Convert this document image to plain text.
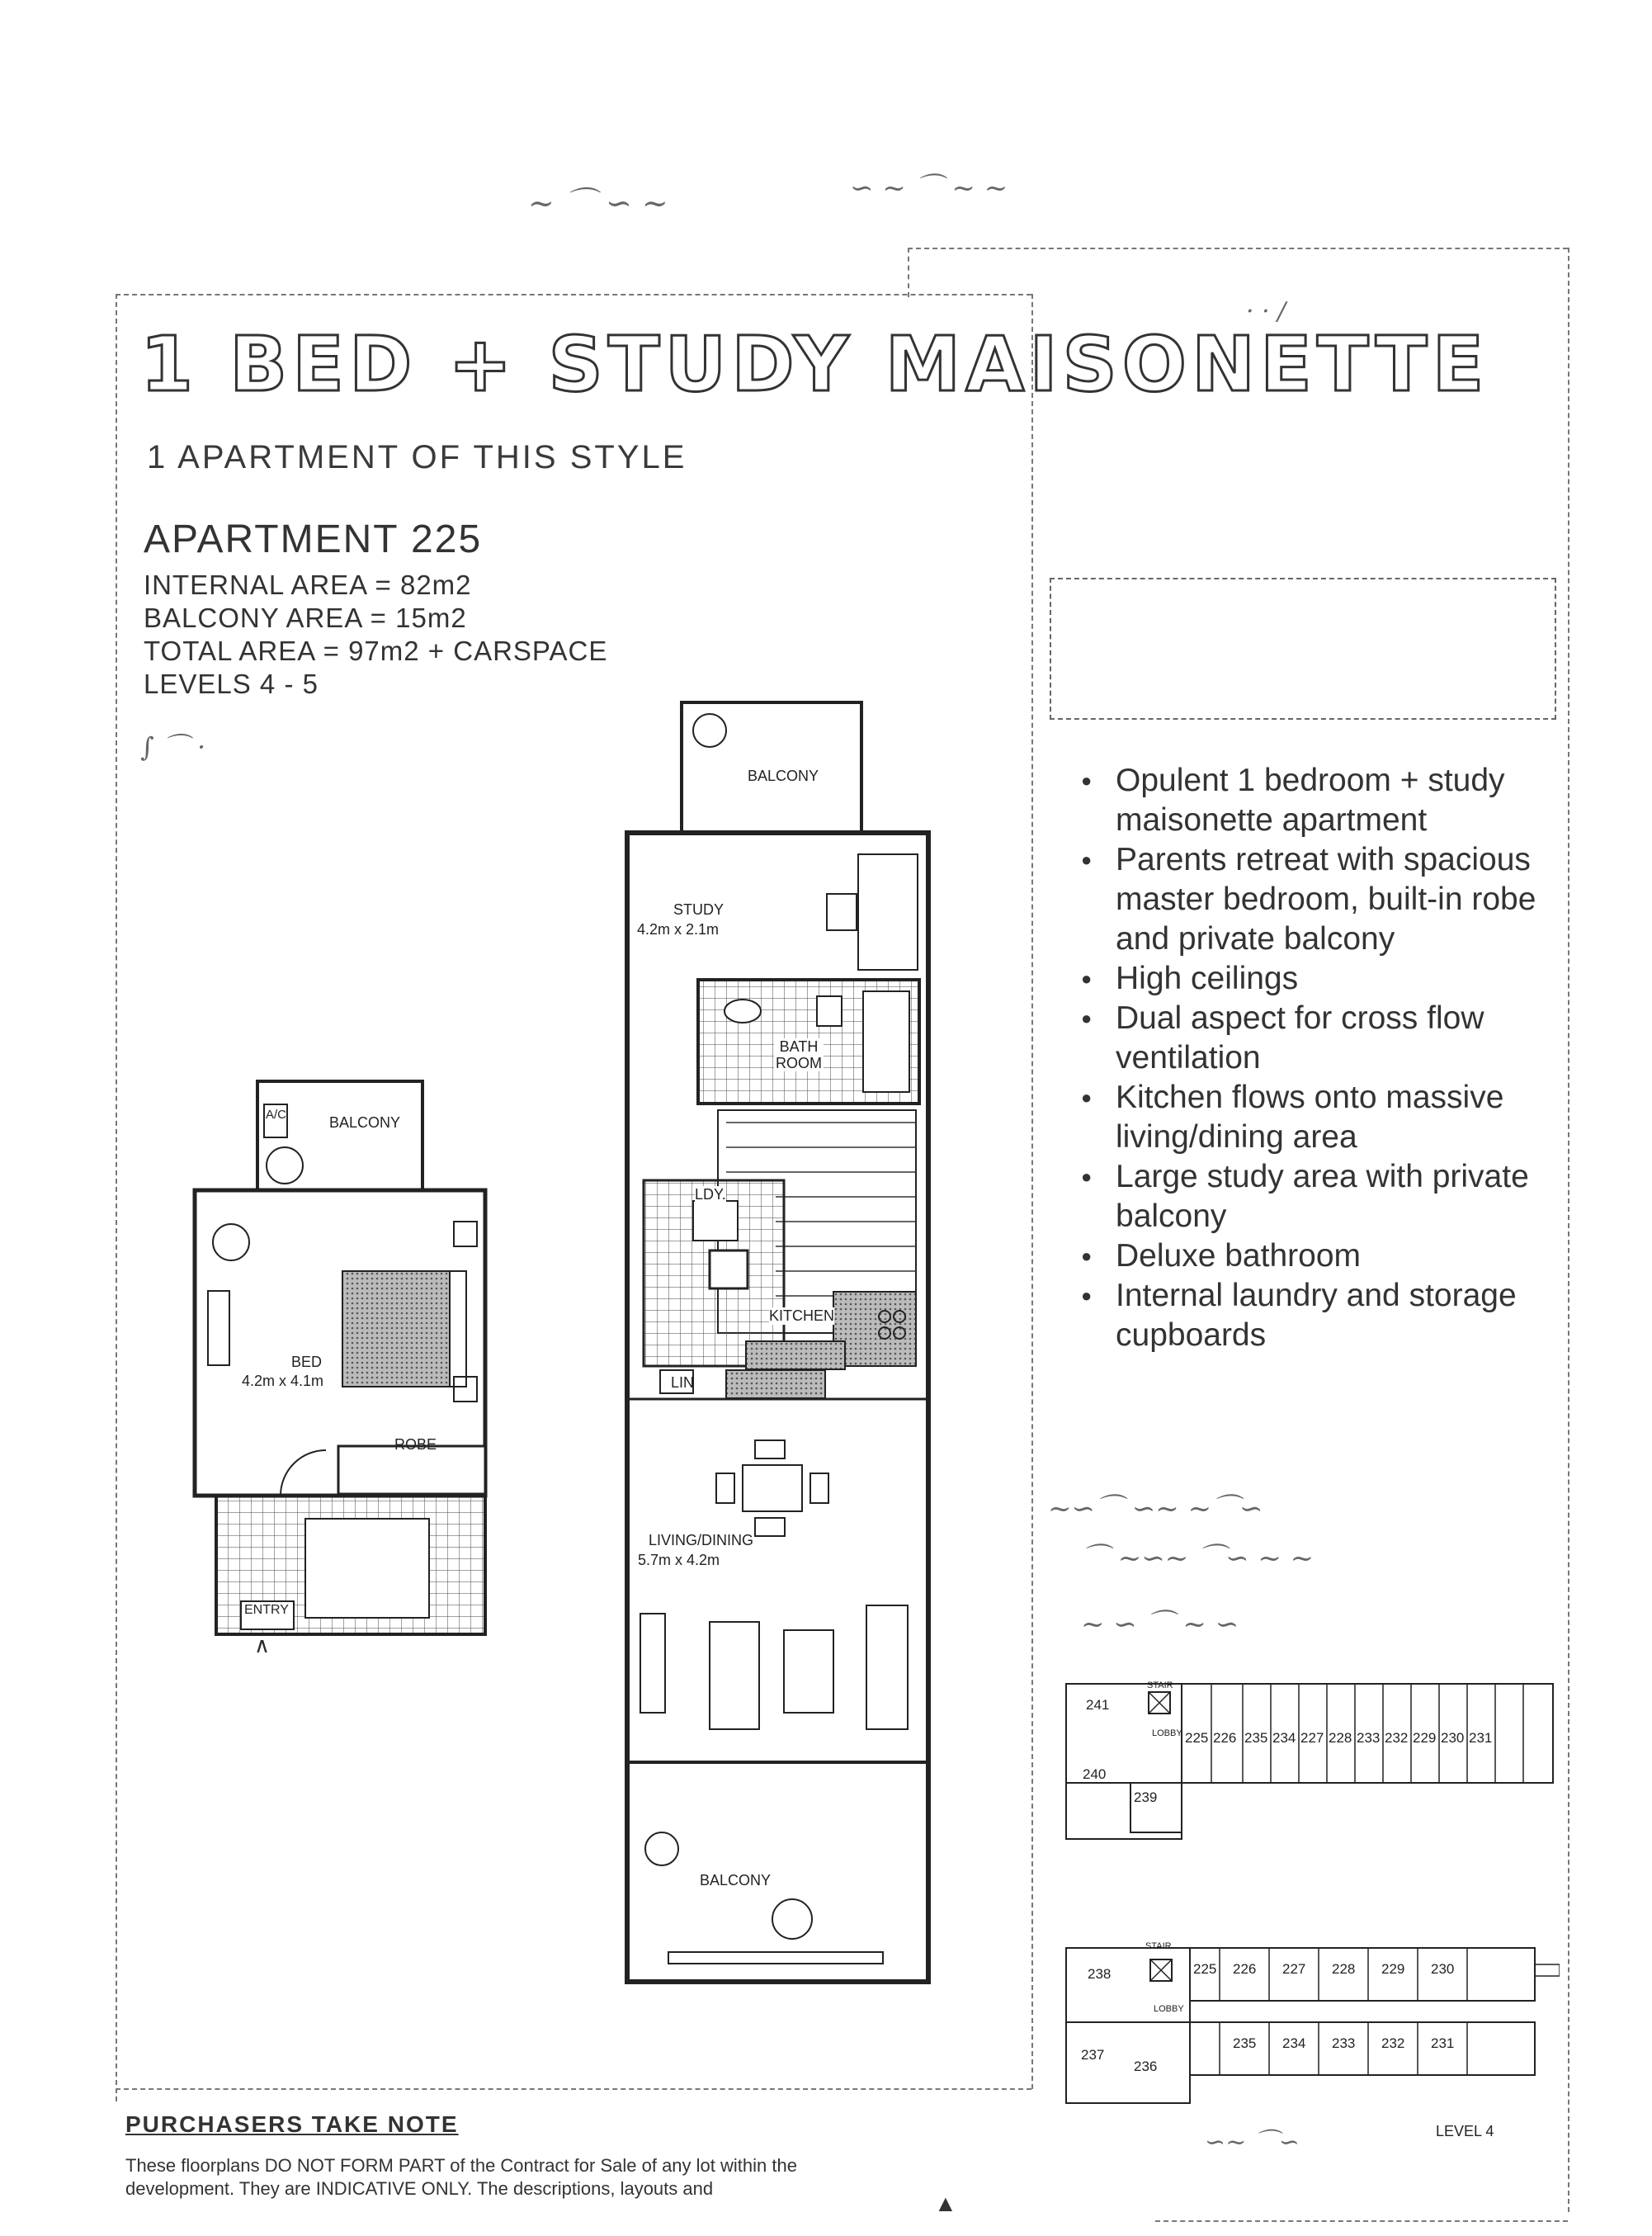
~ ⌒ ∽ ~	∽ ~ ⌒ ~ ~
· · /
∫ ⌒ ·
1 BED + STUDY MAISONETTE
1 APARTMENT OF THIS STYLE
APARTMENT 225
INTERNAL AREA = 82m2
BALCONY AREA = 15m2
TOTAL AREA = 97m2 + CARSPACE
LEVELS 4 - 5
● Opulent 1 bedroom + study maisonette apartment
● Parents retreat with spacious master bedroom, built-in robe and private balcony
● High ceilings
● Dual aspect for cross flow ventilation
● Kitchen flows onto massive living/dining area
● Large study area with private balcony
● Deluxe bathroom
● Internal laundry and storage cupboards
~∽⌒ ∽~ ~⌒∽
⌒ ~∽~ ⌒∽ ~ ~
~ ∽ ⌒ ~ ∽
BALCONY
A/C
BED
4.2m x 4.1m
ROBE
ENTRY
∧
BALCONY
STUDY
4.2m x 2.1m
BATH ROOM
LDY.
KITCHEN
LIN
LIVING/DINING
5.7m x 4.2m
BALCONY
241
225 226 235 234 227 228 233 232 229 230 231
240
239
STAIR
LOBBY
238	225 226 227 228 229 230
237
236
235 234 233 232 231
STAIR
LOBBY
LEVEL 4
∽~ ⌒∽
PURCHASERS TAKE NOTE
These floorplans DO NOT FORM PART of the Contract for Sale of any lot within the development. They are INDICATIVE ONLY. The descriptions, layouts and
▲
